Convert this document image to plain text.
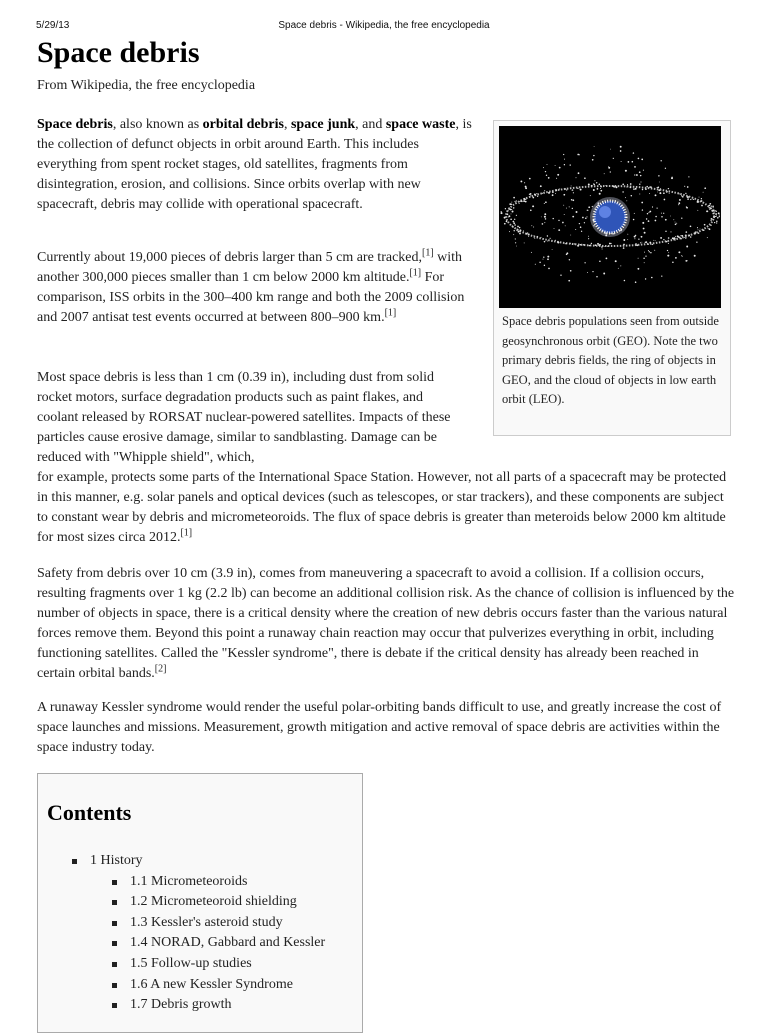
5/29/13	Space debris - Wikipedia, the free encyclopedia
Space debris
From Wikipedia, the free encyclopedia

Space debris, also known as orbital debris, space junk, and space waste, is the collection of defunct objects in orbit around Earth. This includes everything from spent rocket stages, old satellites, fragments from disintegration, erosion, and collisions. Since orbits overlap with new spacecraft, debris may collide with operational spacecraft.

Currently about 19,000 pieces of debris larger than 5 cm are tracked,[1] with another 300,000 pieces smaller than 1 cm below 2000 km altitude.[1] For comparison, ISS orbits in the 300–400 km range and both the 2009 collision and 2007 antisat test events occurred at between 800–900 km.[1]

Most space debris is less than 1 cm (0.39 in), including dust from solid rocket motors, surface degradation products such as paint flakes, and coolant released by RORSAT nuclear-powered satellites. Impacts of these particles cause erosive damage, similar to sandblasting. Damage can be reduced with "Whipple shield", which,
for example, protects some parts of the International Space Station. However, not all parts of a spacecraft may be protected in this manner, e.g. solar panels and optical devices (such as telescopes, or star trackers), and these components are subject to constant wear by debris and micrometeoroids. The flux of space debris is greater than meteroids below 2000 km altitude for most sizes circa 2012.[1]

Safety from debris over 10 cm (3.9 in), comes from maneuvering a spacecraft to avoid a collision. If a collision occurs, resulting fragments over 1 kg (2.2 lb) can become an additional collision risk. As the chance of collision is influenced by the number of objects in space, there is a critical density where the creation of new debris occurs faster than the various natural forces remove them. Beyond this point a runaway chain reaction may occur that pulverizes everything in orbit, including functioning satellites. Called the "Kessler syndrome", there is debate if the critical density has already been reached in certain orbital bands.[2]

A runaway Kessler syndrome would render the useful polar-orbiting bands difficult to use, and greatly increase the cost of space launches and missions. Measurement, growth mitigation and active removal of space debris are activities within the space industry today.

Space debris populations seen from outside geosynchronous orbit (GEO). Note the two primary debris fields, the ring of objects in GEO, and the cloud of objects in low earth orbit (LEO).
Contents
1 History
1.1 Micrometeoroids
1.2 Micrometeoroid shielding
1.3 Kessler's asteroid study
1.4 NORAD, Gabbard and Kessler
1.5 Follow-up studies
1.6 A new Kessler Syndrome
1.7 Debris growth
